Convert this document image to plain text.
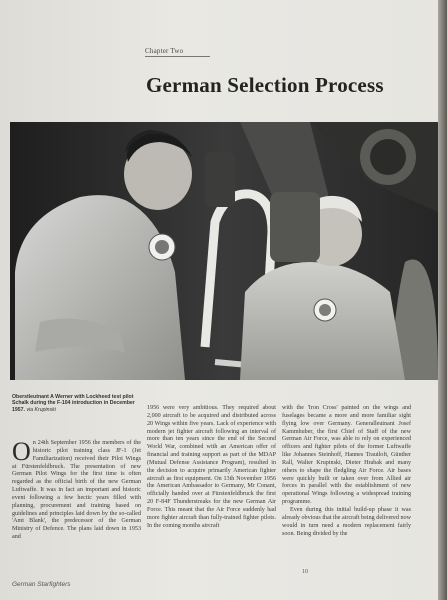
Chapter Two
German Selection Process
Oberstleutnant A Werner with Lockheed test pilot Schalk during the F-104 introduction in December 1957. via Krupinski
On 24th September 1956 the members of the historic pilot training class JF-1 (Jet Familiarization) received their Pilot Wings at Fürstenfeldbruck. The presentation of new German Pilot Wings for the first time is often regarded as the official birth of the new German Luftwaffe. It was in fact an important and historic event following a few hectic years filled with planning, procurement and training based on guidelines and principles laid down by the so-called 'Amt Blank', the predecessor of the German Ministry of Defence. The plans laid down in 1953 and
1956 were very ambitious. They required about 2,000 aircraft to be acquired and distributed across 20 Wings within five years. Lack of experience with modern jet fighter aircraft following an interval of more than ten years since the end of the Second World War, combined with an American offer of financial and training support as part of the MDAP (Mutual Defense Assistance Program), resulted in the decision to acquire primarily American fighter aircraft as first equipment. On 13th November 1956 the American Ambassador to Germany, Mr Conant, officially handed over at Fürstenfeldbruck the first 20 F-84F Thunderstreaks for the new German Air Force. This meant that the Air Force suddenly had more fighter aircraft than fully-trained fighter pilots. In the coming months aircraft
with the 'Iron Cross' painted on the wings and fuselages became a more and more familiar sight flying low over Germany. Generalleutnant Josef Kammhuber, the first Chief of Staff of the new German Air Force, was able to rely on experienced officers and fighter pilots of the former Luftwaffe like Johannes Steinhoff, Hannes Trautloft, Günther Rall, Walter Krupinski, Dieter Hrabak and many others to shape the fledgling Air Force. Air bases were quickly built or taken over from Allied air forces in parallel with the establishment of new operational Wings following a widespread training programme.
Even during this initial build-up phase it was already obvious that the aircraft being delivered now would in turn need a modern replacement fairly soon. Being divided by the
German Starfighters
10
